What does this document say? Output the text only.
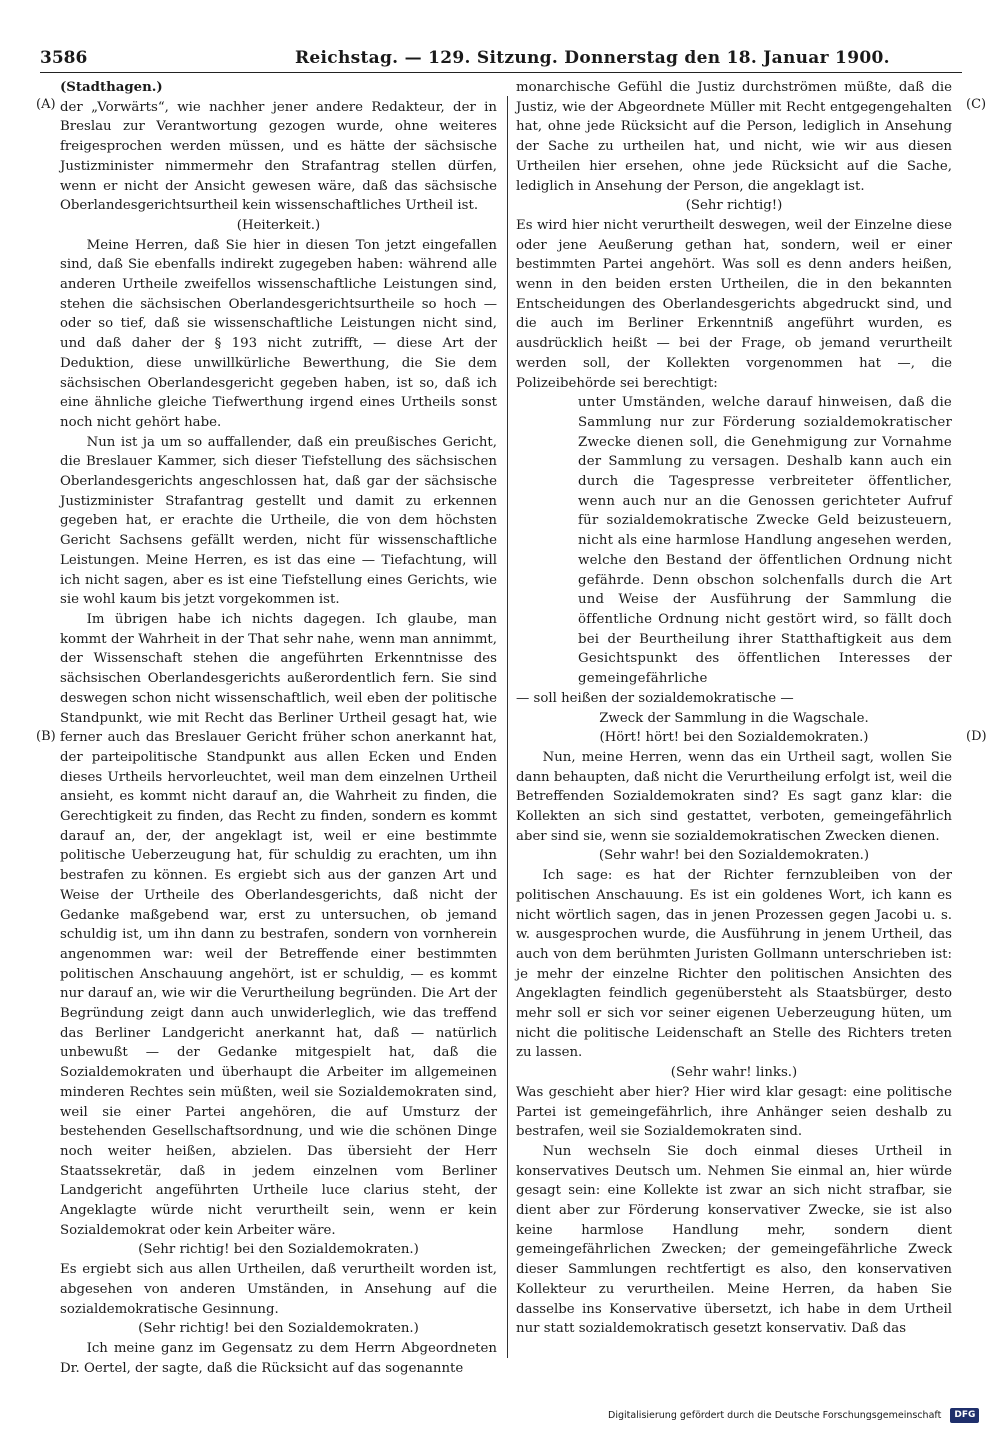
3586	Reichstag. — 129. Sitzung. Donnerstag den 18. Januar 1900.
(A)
(B)
(C)
(D)

(Stadthagen.)

der „Vorwärts“, wie nachher jener andere Redakteur, der in Breslau zur Verantwortung gezogen wurde, ohne weiteres freigesprochen werden müssen, und es hätte der sächsische Justizminister nimmermehr den Strafantrag stellen dürfen, wenn er nicht der Ansicht gewesen wäre, daß das sächsische Oberlandesgerichtsurtheil kein wissenschaftliches Urtheil ist.

(Heiterkeit.)

Meine Herren, daß Sie hier in diesen Ton jetzt eingefallen sind, daß Sie ebenfalls indirekt zugegeben haben: während alle anderen Urtheile zweifellos wissenschaftliche Leistungen sind, stehen die sächsischen Oberlandesgerichtsurtheile so hoch — oder so tief, daß sie wissenschaftliche Leistungen nicht sind, und daß daher der § 193 nicht zutrifft, — diese Art der Deduktion, diese unwillkürliche Bewerthung, die Sie dem sächsischen Oberlandesgericht gegeben haben, ist so, daß ich eine ähnliche gleiche Tiefwerthung irgend eines Urtheils sonst noch nicht gehört habe.

Nun ist ja um so auffallender, daß ein preußisches Gericht, die Breslauer Kammer, sich dieser Tiefstellung des sächsischen Oberlandesgerichts angeschlossen hat, daß gar der sächsische Justizminister Strafantrag gestellt und damit zu erkennen gegeben hat, er erachte die Urtheile, die von dem höchsten Gericht Sachsens gefällt werden, nicht für wissenschaftliche Leistungen. Meine Herren, es ist das eine — Tiefachtung, will ich nicht sagen, aber es ist eine Tiefstellung eines Gerichts, wie sie wohl kaum bis jetzt vorgekommen ist.

Im übrigen habe ich nichts dagegen. Ich glaube, man kommt der Wahrheit in der That sehr nahe, wenn man annimmt, der Wissenschaft stehen die angeführten Erkenntnisse des sächsischen Oberlandesgerichts außerordentlich fern. Sie sind deswegen schon nicht wissenschaftlich, weil eben der politische Standpunkt, wie mit Recht das Berliner Urtheil gesagt hat, wie ferner auch das Breslauer Gericht früher schon anerkannt hat, der parteipolitische Standpunkt aus allen Ecken und Enden dieses Urtheils hervorleuchtet, weil man dem einzelnen Urtheil ansieht, es kommt nicht darauf an, die Wahrheit zu finden, die Gerechtigkeit zu finden, das Recht zu finden, sondern es kommt darauf an, der, der angeklagt ist, weil er eine bestimmte politische Ueberzeugung hat, für schuldig zu erachten, um ihn bestrafen zu können. Es ergiebt sich aus der ganzen Art und Weise der Urtheile des Oberlandesgerichts, daß nicht der Gedanke maßgebend war, erst zu untersuchen, ob jemand schuldig ist, um ihn dann zu bestrafen, sondern von vornherein angenommen war: weil der Betreffende einer bestimmten politischen Anschauung angehört, ist er schuldig, — es kommt nur darauf an, wie wir die Verurtheilung begründen. Die Art der Begründung zeigt dann auch unwiderleglich, wie das treffend das Berliner Landgericht anerkannt hat, daß — natürlich unbewußt — der Gedanke mitgespielt hat, daß die Sozialdemokraten und überhaupt die Arbeiter im allgemeinen minderen Rechtes sein müßten, weil sie Sozialdemokraten sind, weil sie einer Partei angehören, die auf Umsturz der bestehenden Gesellschaftsordnung, und wie die schönen Dinge noch weiter heißen, abzielen. Das übersieht der Herr Staatssekretär, daß in jedem einzelnen vom Berliner Landgericht angeführten Urtheile luce clarius steht, der Angeklagte würde nicht verurtheilt sein, wenn er kein Sozialdemokrat oder kein Arbeiter wäre.

(Sehr richtig! bei den Sozialdemokraten.)

Es ergiebt sich aus allen Urtheilen, daß verurtheilt worden ist, abgesehen von anderen Umständen, in Ansehung auf die sozialdemokratische Gesinnung.

(Sehr richtig! bei den Sozialdemokraten.)

Ich meine ganz im Gegensatz zu dem Herrn Abgeordneten Dr. Oertel, der sagte, daß die Rücksicht auf das sogenannte

monarchische Gefühl die Justiz durchströmen müßte, daß die Justiz, wie der Abgeordnete Müller mit Recht entgegengehalten hat, ohne jede Rücksicht auf die Person, lediglich in Ansehung der Sache zu urtheilen hat, und nicht, wie wir aus diesen Urtheilen hier ersehen, ohne jede Rücksicht auf die Sache, lediglich in Ansehung der Person, die angeklagt ist.

(Sehr richtig!)

Es wird hier nicht verurtheilt deswegen, weil der Einzelne diese oder jene Aeußerung gethan hat, sondern, weil er einer bestimmten Partei angehört. Was soll es denn anders heißen, wenn in den beiden ersten Urtheilen, die in den bekannten Entscheidungen des Oberlandesgerichts abgedruckt sind, und die auch im Berliner Erkenntniß angeführt wurden, es ausdrücklich heißt — bei der Frage, ob jemand verurtheilt werden soll, der Kollekten vorgenommen hat —, die Polizeibehörde sei berechtigt:

unter Umständen, welche darauf hinweisen, daß die Sammlung nur zur Förderung sozialdemokratischer Zwecke dienen soll, die Genehmigung zur Vornahme der Sammlung zu versagen. Deshalb kann auch ein durch die Tagespresse verbreiteter öffentlicher, wenn auch nur an die Genossen gerichteter Aufruf für sozialdemokratische Zwecke Geld beizusteuern, nicht als eine harmlose Handlung angesehen werden, welche den Bestand der öffentlichen Ordnung nicht gefährde. Denn obschon solchenfalls durch die Art und Weise der Ausführung der Sammlung die öffentliche Ordnung nicht gestört wird, so fällt doch bei der Beurtheilung ihrer Statthaftigkeit aus dem Gesichtspunkt des öffentlichen Interesses der gemeingefährliche

— soll heißen der sozialdemokratische —

Zweck der Sammlung in die Wagschale.

(Hört! hört! bei den Sozialdemokraten.)

Nun, meine Herren, wenn das ein Urtheil sagt, wollen Sie dann behaupten, daß nicht die Verurtheilung erfolgt ist, weil die Betreffenden Sozialdemokraten sind? Es sagt ganz klar: die Kollekten an sich sind gestattet, verboten, gemeingefährlich aber sind sie, wenn sie sozialdemokratischen Zwecken dienen.

(Sehr wahr! bei den Sozialdemokraten.)

Ich sage: es hat der Richter fernzubleiben von der politischen Anschauung. Es ist ein goldenes Wort, ich kann es nicht wörtlich sagen, das in jenen Prozessen gegen Jacobi u. s. w. ausgesprochen wurde, die Ausführung in jenem Urtheil, das auch von dem berühmten Juristen Gollmann unterschrieben ist: je mehr der einzelne Richter den politischen Ansichten des Angeklagten feindlich gegenübersteht als Staatsbürger, desto mehr soll er sich vor seiner eigenen Ueberzeugung hüten, um nicht die politische Leidenschaft an Stelle des Richters treten zu lassen.

(Sehr wahr! links.)

Was geschieht aber hier? Hier wird klar gesagt: eine politische Partei ist gemeingefährlich, ihre Anhänger seien deshalb zu bestrafen, weil sie Sozialdemokraten sind.

Nun wechseln Sie doch einmal dieses Urtheil in konservatives Deutsch um. Nehmen Sie einmal an, hier würde gesagt sein: eine Kollekte ist zwar an sich nicht strafbar, sie dient aber zur Förderung konservativer Zwecke, sie ist also keine harmlose Handlung mehr, sondern dient gemeingefährlichen Zwecken; der gemeingefährliche Zweck dieser Sammlungen rechtfertigt es also, den konservativen Kollekteur zu verurtheilen. Meine Herren, da haben Sie dasselbe ins Konservative übersetzt, ich habe in dem Urtheil nur statt sozialdemokratisch gesetzt konservativ. Daß das

Digitalisierung gefördert durch die Deutsche Forschungsgemeinschaft DFG
